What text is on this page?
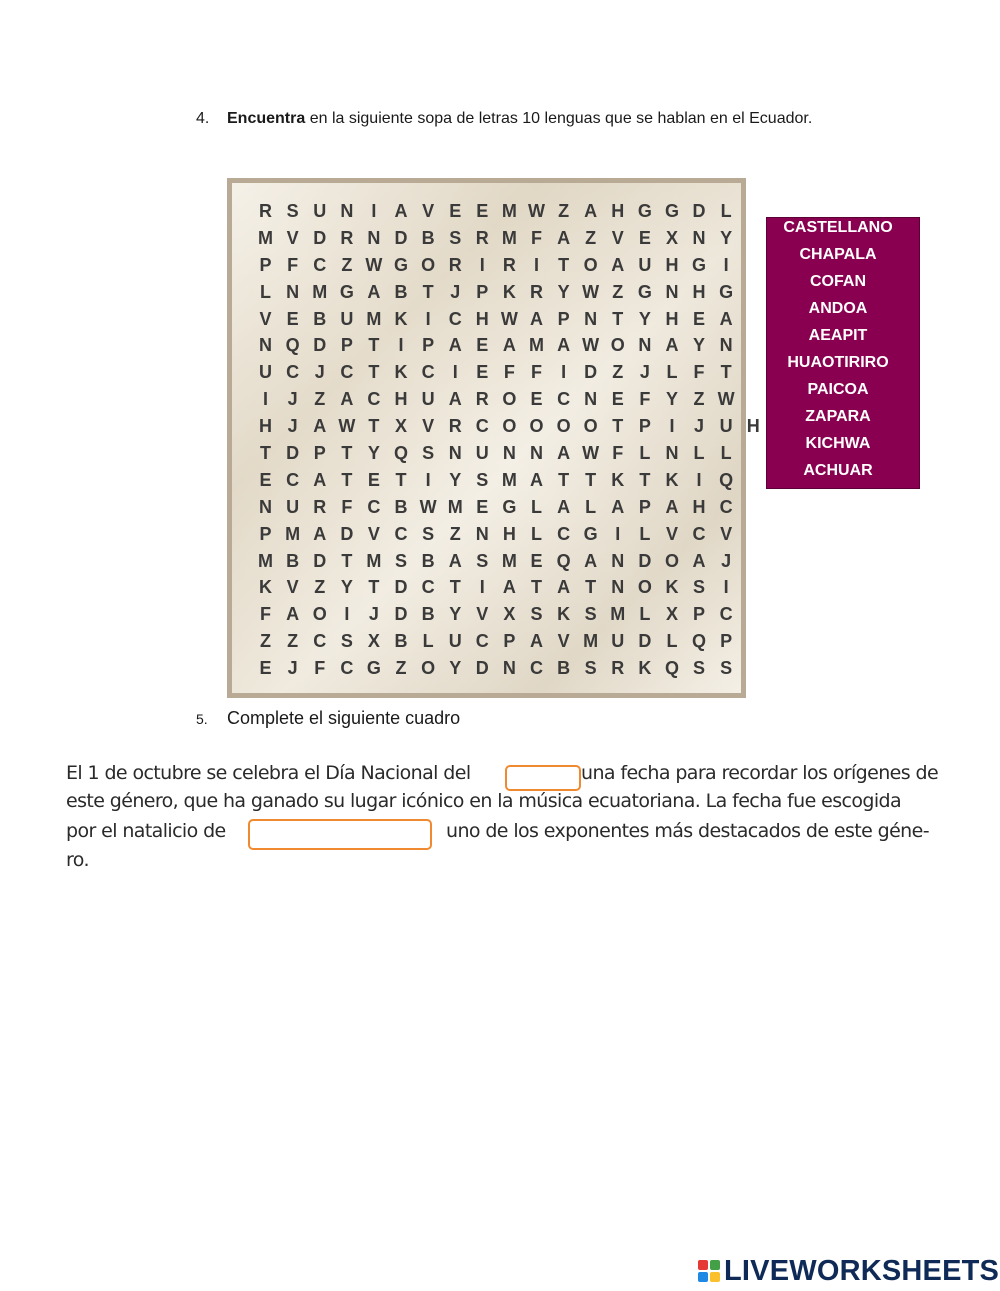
4. Encuentra en la siguiente sopa de letras 10 lenguas que se hablan en el Ecuador.
R S U N	I	A V E E M W Z A H G G D L
M V D R N D B S R M F A Z V E X N Y
P F C Z W G O R	I	R	I	T O A U H G I
L N M G A B T J P K R Y W Z G N H G
V E B U M K	I	C H W A P N T Y H E A
N Q D P T	I	P A E A M A W O N A Y N
U C J C T K C	I	E F F	I	D Z J L F T
I	J Z A C H U A R O E C N E F Y Z W
H J A W T X V R C O O O O T P	I	J U H
T D P T Y Q S N U N N A W F L N L L
E C A T E T	I	Y S M A T T K T K	I Q
N U R F C B W M E G L A L A P A H C
P M A D V C S Z N H L C G I	L V C V
M B D T M S B A S M E Q A N D O A J
K V Z Y T D C T	I	A T A T N O K S	I
F A O I	J D B Y V X S K S M L X P C
Z Z C S X B L U C P A V M U D L Q P
E J F C G Z O Y D N C B S R K Q S S
CASTELLANO
CHAPALA
COFAN
ANDOA
AEAPIT
HUAOTIRIRO
PAICOA
ZAPARA
KICHWA
ACHUAR
5. Complete el siguiente cuadro
El 1 de octubre se celebra el Día Nacional del	una fecha para recordar los orígenes de
este género, que ha ganado su lugar icónico en la música ecuatoriana. La fecha fue escogida
por el natalicio de	uno de los exponentes más destacados de este géne-
ro.
LIVEWORKSHEETS
